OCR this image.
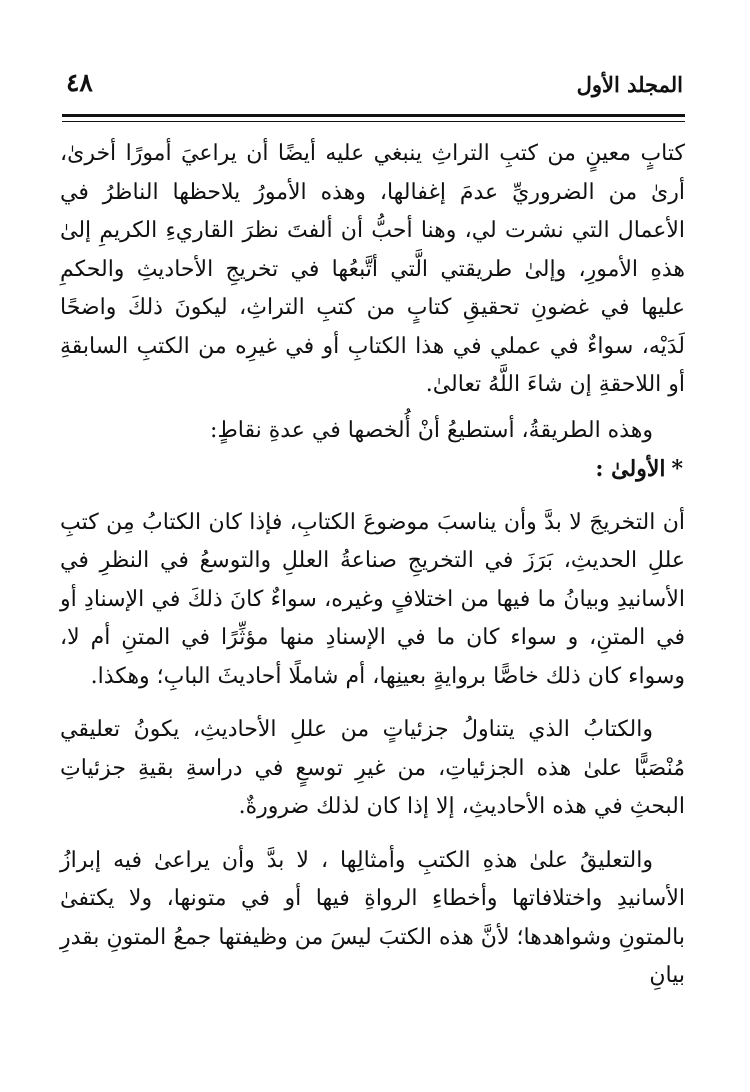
المجلد الأول
٤٨

كتابٍ معينٍ من كتبِ التراثِ ينبغي عليه أيضًا أن يراعيَ أمورًا أخرىٰ، أرىٰ من الضروريِّ عدمَ إغفالها، وهذه الأمورُ يلاحظها الناظرُ في الأعمال التي نشرت لي، وهنا أحبُّ أن ألفتَ نظرَ القاريءِ الكريمِ إلىٰ هذهِ الأمورِ، وإلىٰ طريقتي الَّتي أتَّبعُها في تخريجِ الأحاديثِ والحكمِ عليها في غضونِ تحقيقِ كتابٍ من كتبِ التراثِ، ليكونَ ذلكَ واضحًا لَدَيْه، سواءٌ في عملي في هذا الكتابِ أو في غيرِه من الكتبِ السابقةِ أو اللاحقةِ إن شاءَ اللَّهُ تعالىٰ.

وهذه الطريقةُ، أستطيعُ أنْ أُلخصها في عدةِ نقاطٍ:

*الأولىٰ :

أن التخريجَ لا بدَّ وأن يناسبَ موضوعَ الكتابِ، فإذا كان الكتابُ مِن كتبِ عللِ الحديثِ، بَرَزَ في التخريجِ صناعةُ العللِ والتوسعُ في النظرِ في الأسانيدِ وبيانُ ما فيها من اختلافٍ وغيره، سواءٌ كانَ ذلكَ في الإسنادِ أو في المتنِ، و سواء كان ما في الإسنادِ منها مؤثِّرًا في المتنِ أم لا، وسواء كان ذلك خاصًّا بروايةٍ بعينِها، أم شاملًا أحاديثَ البابِ؛ وهكذا.

والكتابُ الذي يتناولُ جزئياتٍ من عللِ الأحاديثِ، يكونُ تعليقي مُنْصَبًّا علىٰ هذه الجزئياتِ، من غيرِ توسعٍ في دراسةِ بقيةِ جزئياتِ البحثِ في هذه الأحاديثِ، إلا إذا كان لذلك ضرورةٌ.

والتعليقُ علىٰ هذهِ الكتبِ وأمثالِها ، لا بدَّ وأن يراعىٰ فيه إبرازُ الأسانيدِ واختلافاتها وأخطاءِ الرواةِ فيها أو في متونها، ولا يكتفىٰ بالمتونِ وشواهدها؛ لأنَّ هذه الكتبَ ليسَ من وظيفتها جمعُ المتونِ بقدرِ بيانِ
